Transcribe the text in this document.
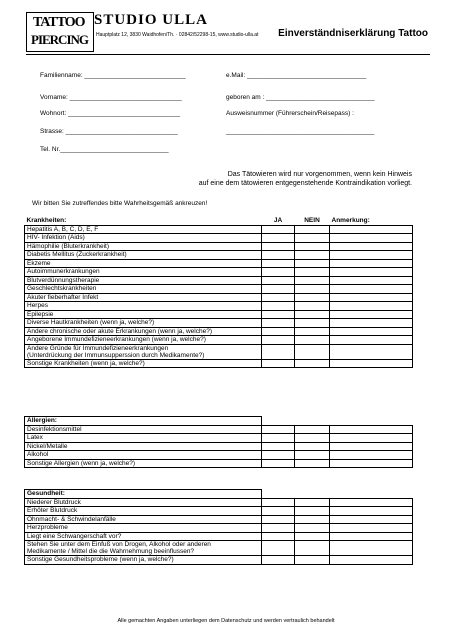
TATTOO
PIERCING
STUDIO ULLA
Hauptplatz 12, 3830 Waidhofen/Th. · 02842/52298-15, www.studio-ulla.at Einverständniserklärung Tattoo
Familienname: ____________________________	e.Mail: _________________________________
Vorname: _______________________________	geboren am : ______________________________
Wohnort: _______________________________	Ausweisnummer (Führerschein/Reisepass) :
Strasse: _______________________________	_________________________________________
Tel. Nr.______________________________
Das Tätowieren wird nur vorgenommen, wenn kein Hinweis
auf eine dem tätowieren entgegenstehende Kontraindikation vorliegt.
Wir bitten Sie zutreffendes bitte Wahrheitsgemäß ankreuzen!
Krankheiten:	JA	NEIN	Anmerkung:
Hepatitis A, B, C, D, E, F			
HIV- Infektion (Aids)			
Hämophilie (Bluterkrankheit)			
Diabetis Mellitus (Zuckerkrankheit)			
Ekzeme			
Autoimmunerkrankungen			
Blutverdünnungstherapie			
Geschlechtskrankheiten			
Akuter fieberhafter Infekt			
Herpes			
Epilepsie			
Diverse Hautkrankheiten (wenn ja, welche?)			
Andere chronische oder akute Erkrankungen (wenn ja, welche?)			
Angeborene Immundefizieneerkrankungen (wenn ja, welche?)			
Andere Gründe für Immundefizieneerkrankungen
(Unterdrückung der Immunsupperssion durch Medikamente?)			
Sonstige Krankheiten (wenn ja, welche?)			
Allergien:			
Desinfektionsmittel			
Latex			
Nickel/Metalle			
Alkohol			
Sonstige Allergien (wenn ja, welche?)			
Gesundheit:			
Niederer Blutdruck			
Erhöter Blutdruck			
Ohnmacht- & Schwindelanfälle			
Herzprobleme			
Liegt eine Schwangerschaft vor?			
Stehen Sie unter dem Einfuß von Drogen, Alkohol oder anderen
Medikamente / Mittel die die Wahrnehmung beeinflussen?			
Sonstige Gesundheitsprobleme (wenn ja, welche?)			
Alle gemachten Angaben unterliegen dem Datenschutz und werden vertraulich behandelt
